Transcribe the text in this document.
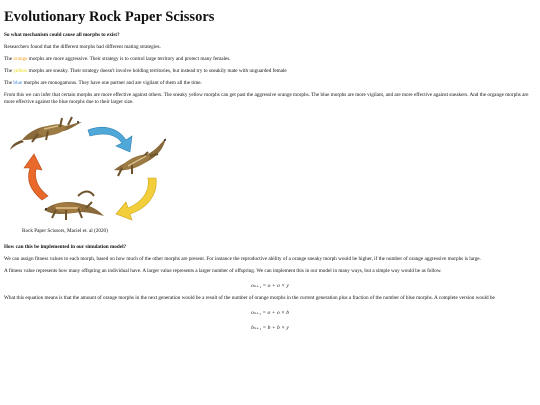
Evolutionary Rock Paper Scissors
So what mechanism could cause all morphs to exist?

Researchers found that the different morphs had different mating strategies.

The orange morphs are more aggressive. Their strategy is to control large territory and protect many females.

The yellow morphs are sneaky. Their strategy doesn't involve holding territories, but instead try to sneakily mate with unguarded female

The blue morphs are monogamous. They have one partner and are vigilant of them all the time.

From this we can infer that certain morphs are more effective against others. The sneaky yellow morphs can get past the aggressive orange morphs. The blue morphs are more vigilant, and are more effective against sneakers. And the organge morphs are more effective against the blue morphs due to their larger size.

Rock Paper Scissors, Maciel et. al (2020)
How can this be implemented in our simulation model?

We can assign fitness values to each morph, based on how much of the other morphs are present. For instance the reproductive ability of a orange sneaky morph would be higher, if the number of orange aggressive morphs is large.

A fitness value represents how many offspring an individual have. A larger value represents a larger number of offspring. We can implement this in our model in many ways, but a simple way would be as follow.

oₙ₊₁ = o + o × y

What this equation means is that the amount of orange morphs in the next generation would be a result of the number of orange morphs in the current generation plus a fraction of the number of blue morphs. A complete version would be

oₙ₊₁ = o + o × b
bₙ₊₁ = b + b × y
